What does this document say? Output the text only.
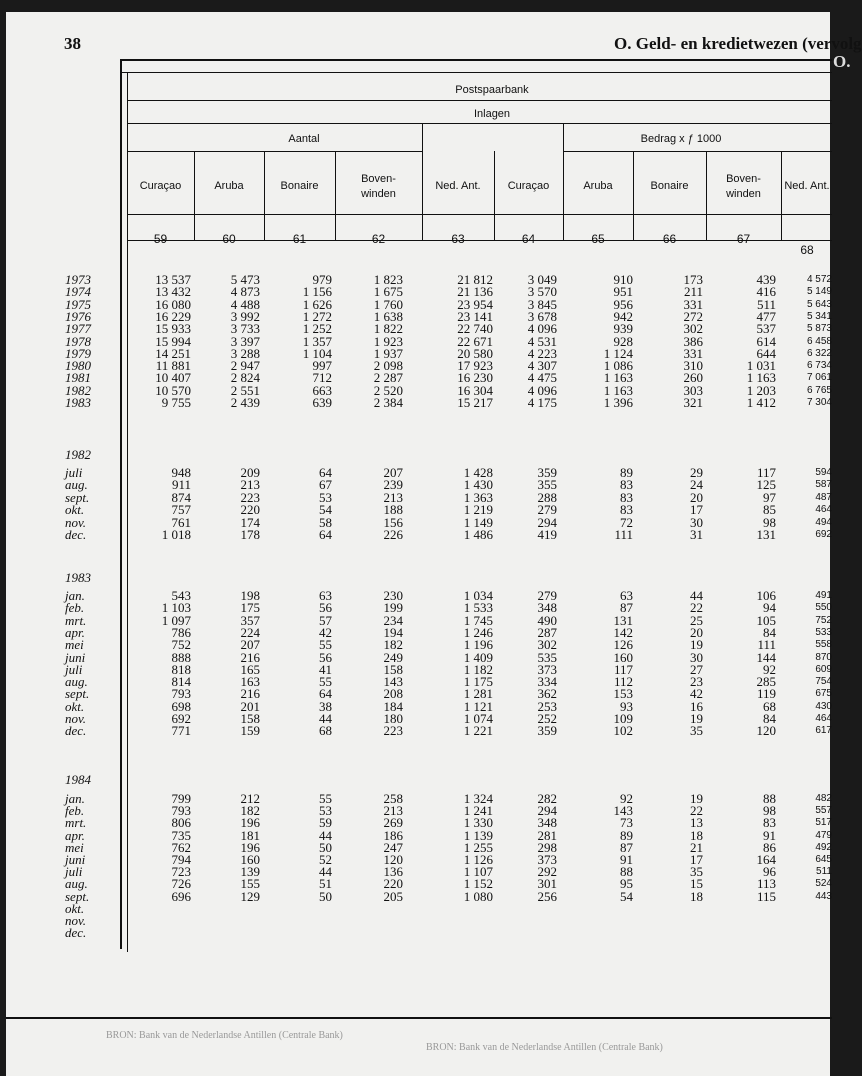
38	O. Geld- en kredietwezen (vervolg
BRON: Bank van de Nederlandse Antillen (Centrale Bank)
BRON: Bank van de Nederlandse Antillen (Centrale Bank)
Postspaarbank
Inlagen
Aantal	Bedrag x ƒ 1000
Curaçao	Aruba	Bonaire
Boven-
winden
Ned. Ant.	Curaçao	Aruba	Bonaire
Boven-
winden
Ned. Ant.
59	60	61	62	63	64	65	66	67
68
1982
1983
1984
1973	13 537	5 473	979	1 823	21 812	3 049	910	173	439	4 572
1974	13 432	4 873	1 156	1 675	21 136	3 570	951	211	416	5 149
1975	16 080	4 488	1 626	1 760	23 954	3 845	956	331	511	5 643
1976	16 229	3 992	1 272	1 638	23 141	3 678	942	272	477	5 341
1977	15 933	3 733	1 252	1 822	22 740	4 096	939	302	537	5 873
1978	15 994	3 397	1 357	1 923	22 671	4 531	928	386	614	6 458
1979	14 251	3 288	1 104	1 937	20 580	4 223	1 124	331	644	6 322
1980	11 881	2 947	997	2 098	17 923	4 307	1 086	310	1 031	6 734
1981	10 407	2 824	712	2 287	16 230	4 475	1 163	260	1 163	7 061
1982	10 570	2 551	663	2 520	16 304	4 096	1 163	303	1 203	6 765
1983	9 755	2 439	639	2 384	15 217	4 175	1 396	321	1 412	7 304
juli	948	209	64	207	1 428	359	89	29	117	594
aug.	911	213	67	239	1 430	355	83	24	125	587
sept.	874	223	53	213	1 363	288	83	20	97	487
okt.	757	220	54	188	1 219	279	83	17	85	464
nov.	761	174	58	156	1 149	294	72	30	98	494
dec.	1 018	178	64	226	1 486	419	111	31	131	692
jan.	543	198	63	230	1 034	279	63	44	106	491
feb.	1 103	175	56	199	1 533	348	87	22	94	550
mrt.	1 097	357	57	234	1 745	490	131	25	105	752
apr.	786	224	42	194	1 246	287	142	20	84	533
mei	752	207	55	182	1 196	302	126	19	111	558
juni	888	216	56	249	1 409	535	160	30	144	870
juli	818	165	41	158	1 182	373	117	27	92	609
aug.	814	163	55	143	1 175	334	112	23	285	754
sept.	793	216	64	208	1 281	362	153	42	119	675
okt.	698	201	38	184	1 121	253	93	16	68	430
nov.	692	158	44	180	1 074	252	109	19	84	464
dec.	771	159	68	223	1 221	359	102	35	120	617
jan.	799	212	55	258	1 324	282	92	19	88	482
feb.	793	182	53	213	1 241	294	143	22	98	557
mrt.	806	196	59	269	1 330	348	73	13	83	517
apr.	735	181	44	186	1 139	281	89	18	91	479
mei	762	196	50	247	1 255	298	87	21	86	492
juni	794	160	52	120	1 126	373	91	17	164	645
juli	723	139	44	136	1 107	292	88	35	96	511
aug.	726	155	51	220	1 152	301	95	15	113	524
sept.	696	129	50	205	1 080	256	54	18	115	443
okt.
nov.
dec.
O.
